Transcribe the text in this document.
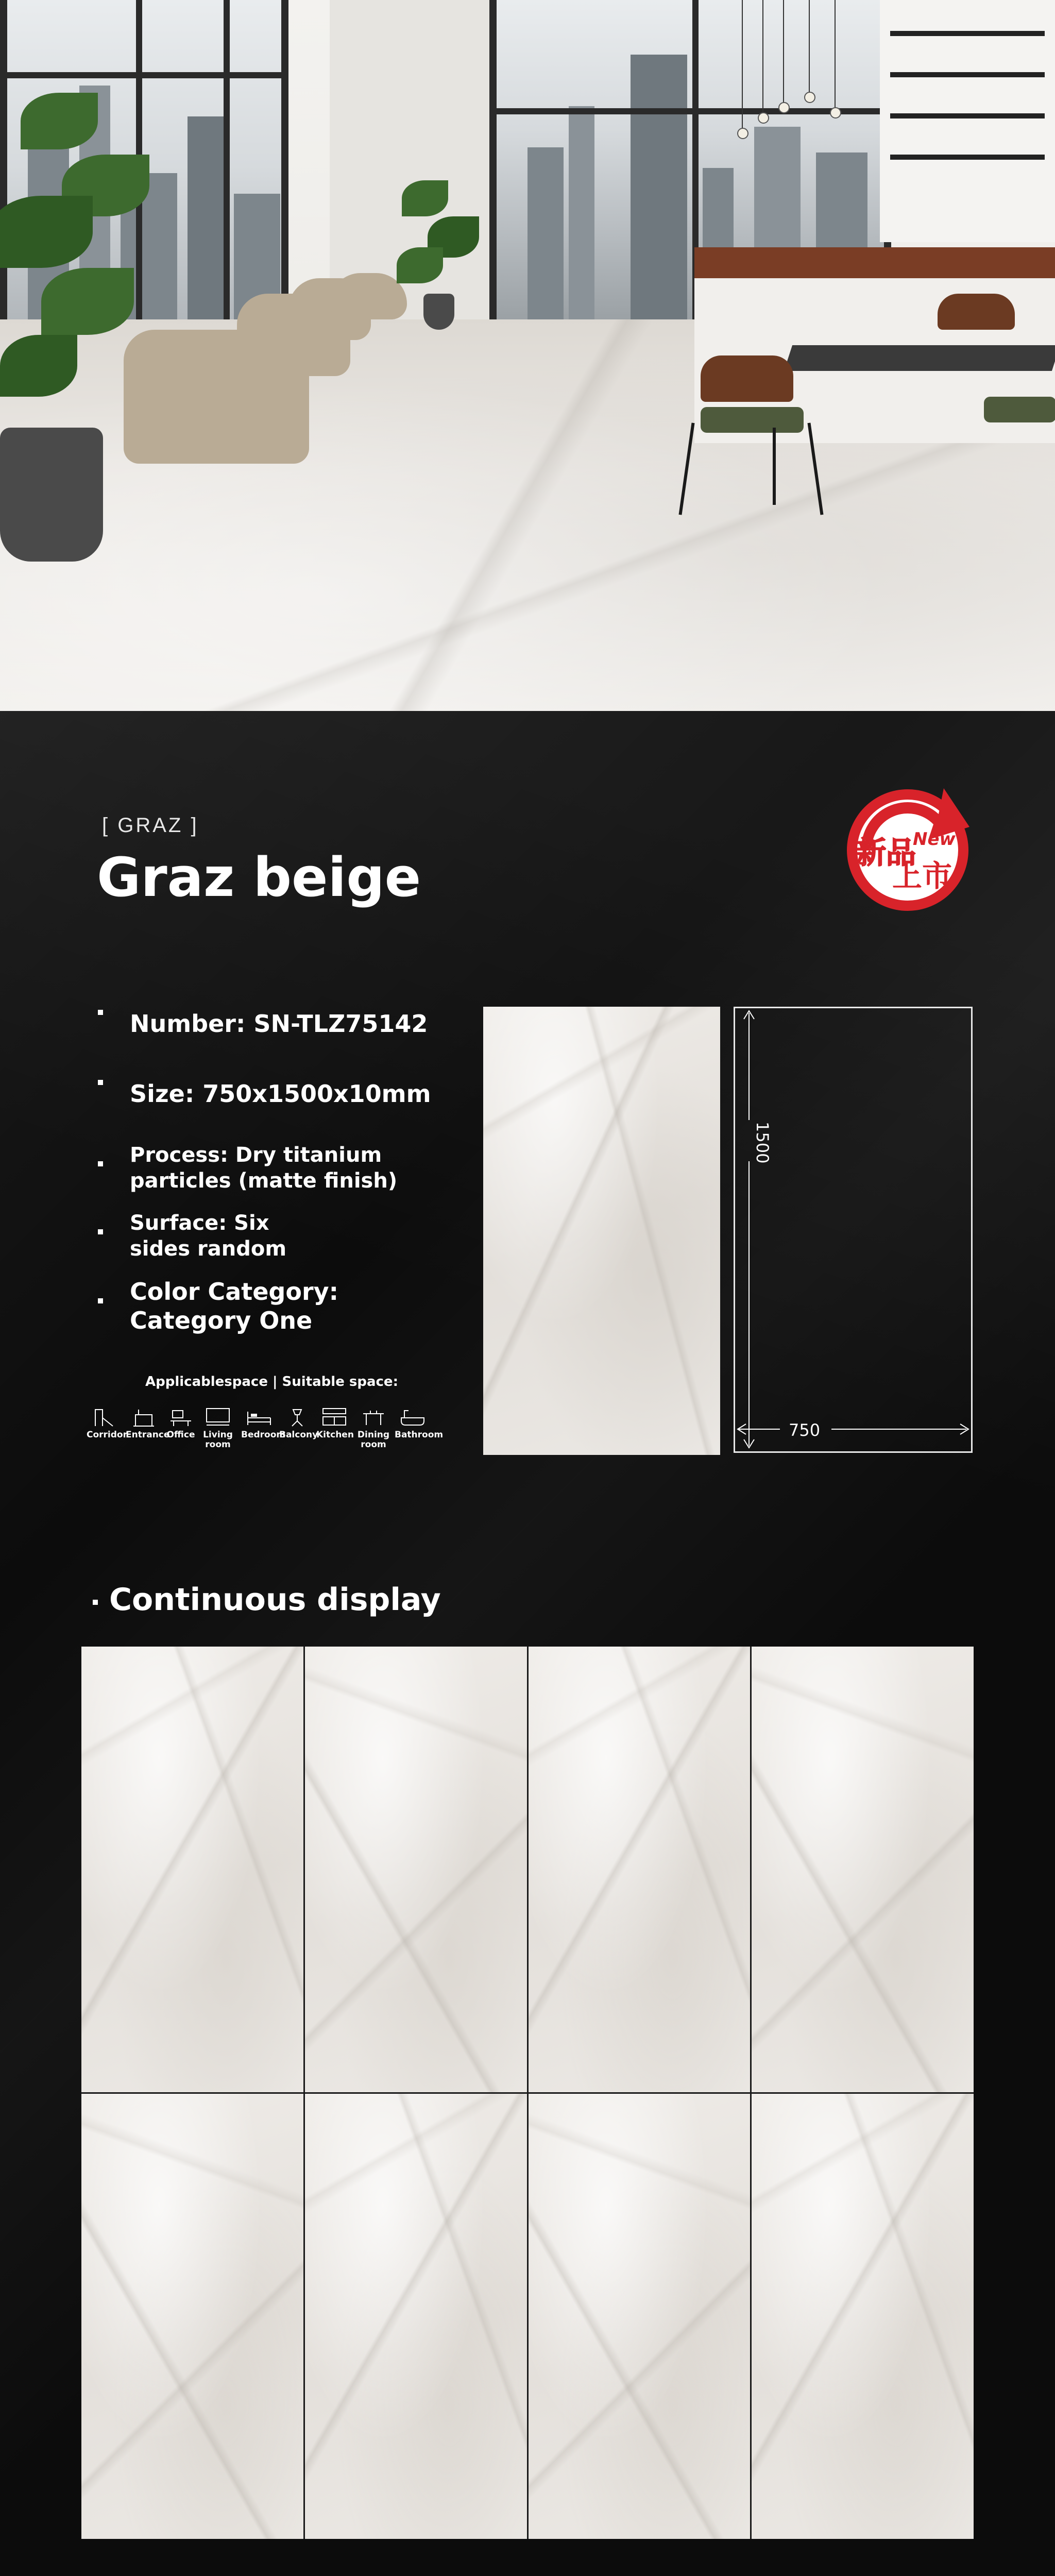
[ GRAZ ]
Graz beige	新品
New
上市
Number: SN-TLZ75142
Size: 750x1500x10mm
Process: Dry titanium
particles (matte finish)
Surface: Six
sides random
Color Category:
Category One
Applicablespace | Suitable space:
Corridor
Entrance
Office Living room
Bedroom
Balcony
Kitchen Dining room
Bathroom
1500
750
Continuous display
